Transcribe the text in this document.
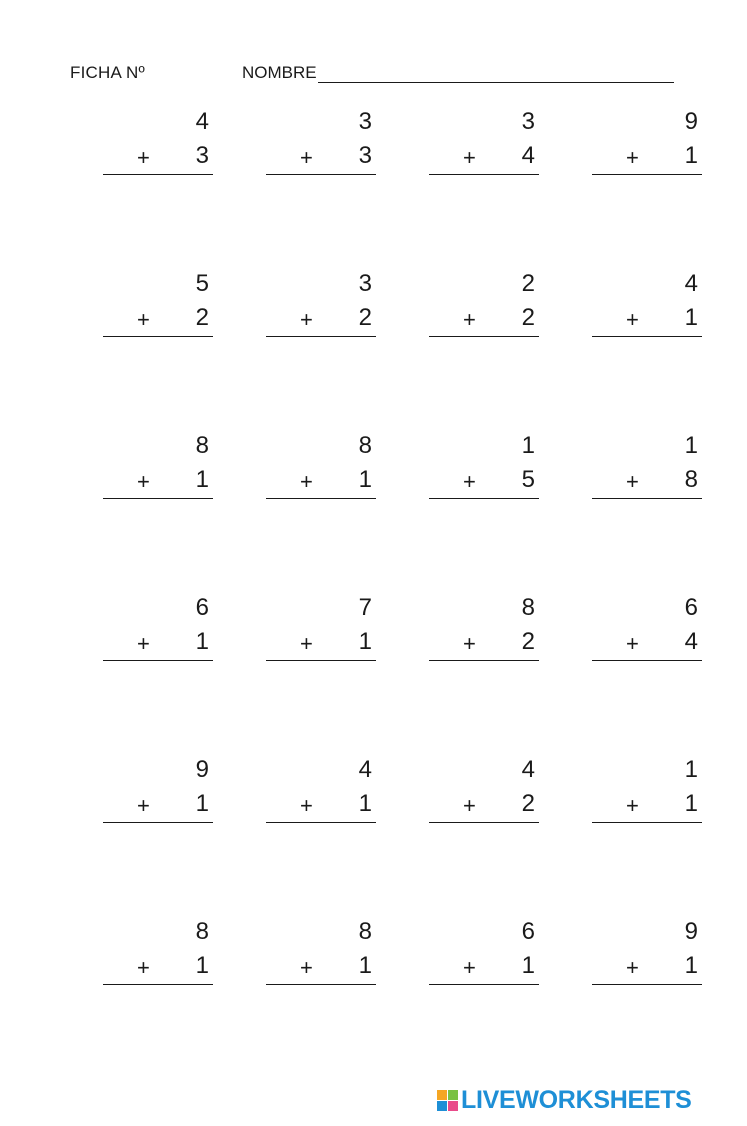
FICHA Nº	NOMBRE
4
+ 3
3
+ 3
3
+ 4
9
+ 1
5
+ 2
3
+ 2
2
+ 2
4
+ 1
8
+ 1
8
+ 1
1
+ 5
1
+ 8
6
+ 1
7
+ 1
8
+ 2
6
+ 4
9
+ 1
4
+ 1
4
+ 2
1
+ 1
8
+ 1
8
+ 1
6
+ 1
9
+ 1
LIVEWORKSHEETS
